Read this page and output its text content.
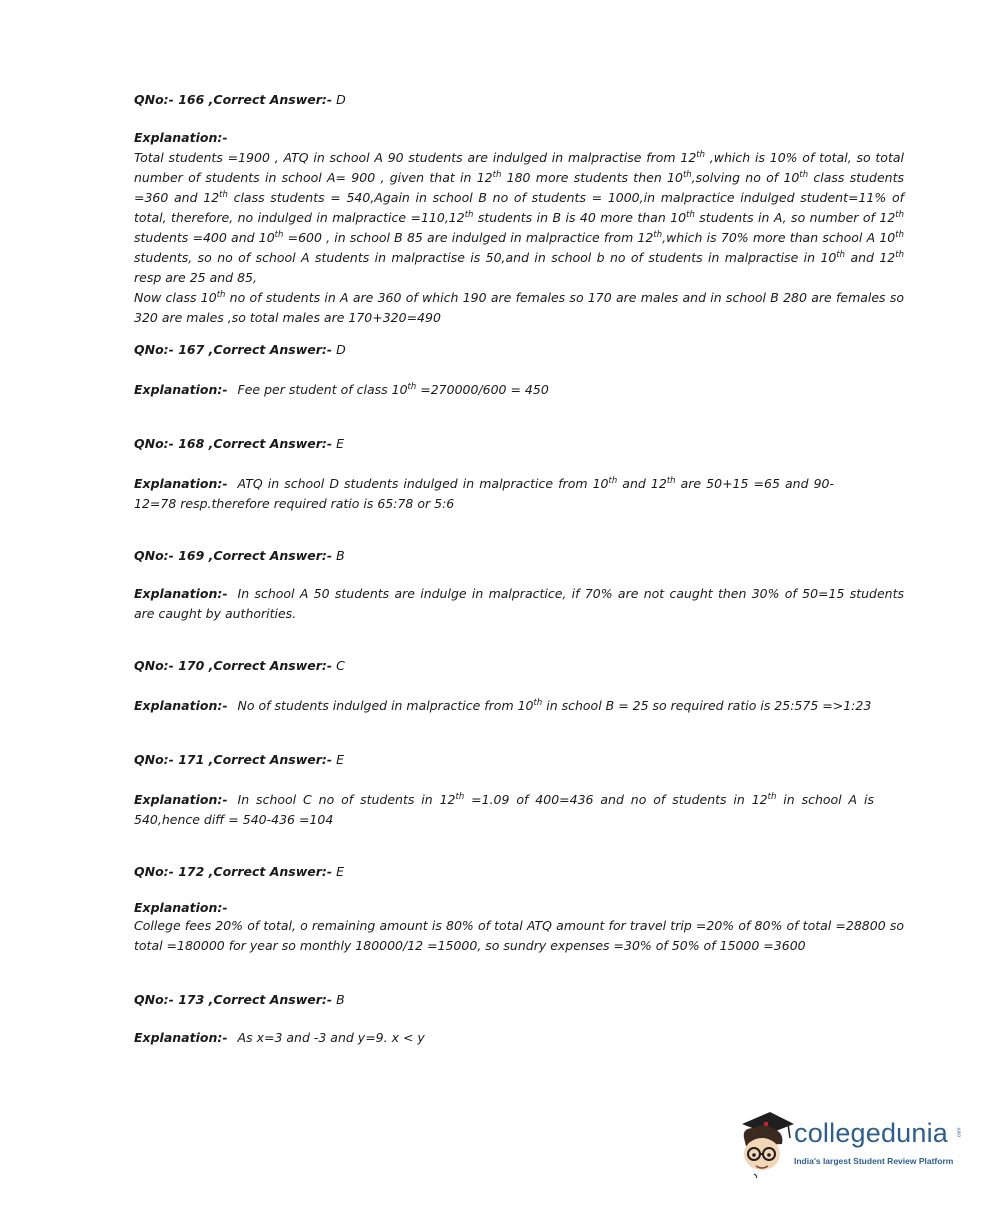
QNo:- 166 ,Correct Answer:- D
Explanation:-
Total students =1900 , ATQ in school A 90 students are indulged in malpractise from 12th ,which is 10% of total, so total number of students in school A= 900 , given that in 12th 180 more students then 10th,solving no of 10th class students =360 and 12th class students = 540,Again in school B no of students = 1000,in malpractice indulged student=11% of total, therefore, no indulged in malpractice =110,12th students in B is 40 more than 10th students in A, so number of 12th students =400 and 10th =600 , in school B 85 are indulged in malpractice from 12th,which is 70% more than school A 10th students, so no of school A students in malpractise is 50,and in school b no of students in malpractise in 10th and 12th resp are 25 and 85,
Now class 10th no of students in A are 360 of which 190 are females so 170 are males and in school B 280 are females so 320 are males ,so total males are 170+320=490
QNo:- 167 ,Correct Answer:- D
Explanation:- Fee per student of class 10th =270000/600 = 450
QNo:- 168 ,Correct Answer:- E
Explanation:- ATQ in school D students indulged in malpractice from 10th and 12th are 50+15 =65 and 90-12=78 resp.therefore required ratio is 65:78 or 5:6
QNo:- 169 ,Correct Answer:- B
Explanation:- In school A 50 students are indulge in malpractice, if 70% are not caught then 30% of 50=15 students are caught by authorities.
QNo:- 170 ,Correct Answer:- C
Explanation:- No of students indulged in malpractice from 10th in school B = 25 so required ratio is 25:575 =>1:23
QNo:- 171 ,Correct Answer:- E
Explanation:- In school C no of students in 12th =1.09 of 400=436 and no of students in 12th in school A is 540,hence diff = 540-436 =104
QNo:- 172 ,Correct Answer:- E
Explanation:-
College fees 20% of total, o remaining amount is 80% of total ATQ amount for travel trip =20% of 80% of total =28800 so total =180000 for year so monthly 180000/12 =15000, so sundry expenses =30% of 50% of 15000 =3600
QNo:- 173 ,Correct Answer:- B
Explanation:- As x=3 and -3 and y=9. x < y
collegedunia .com
India's largest Student Review Platform
